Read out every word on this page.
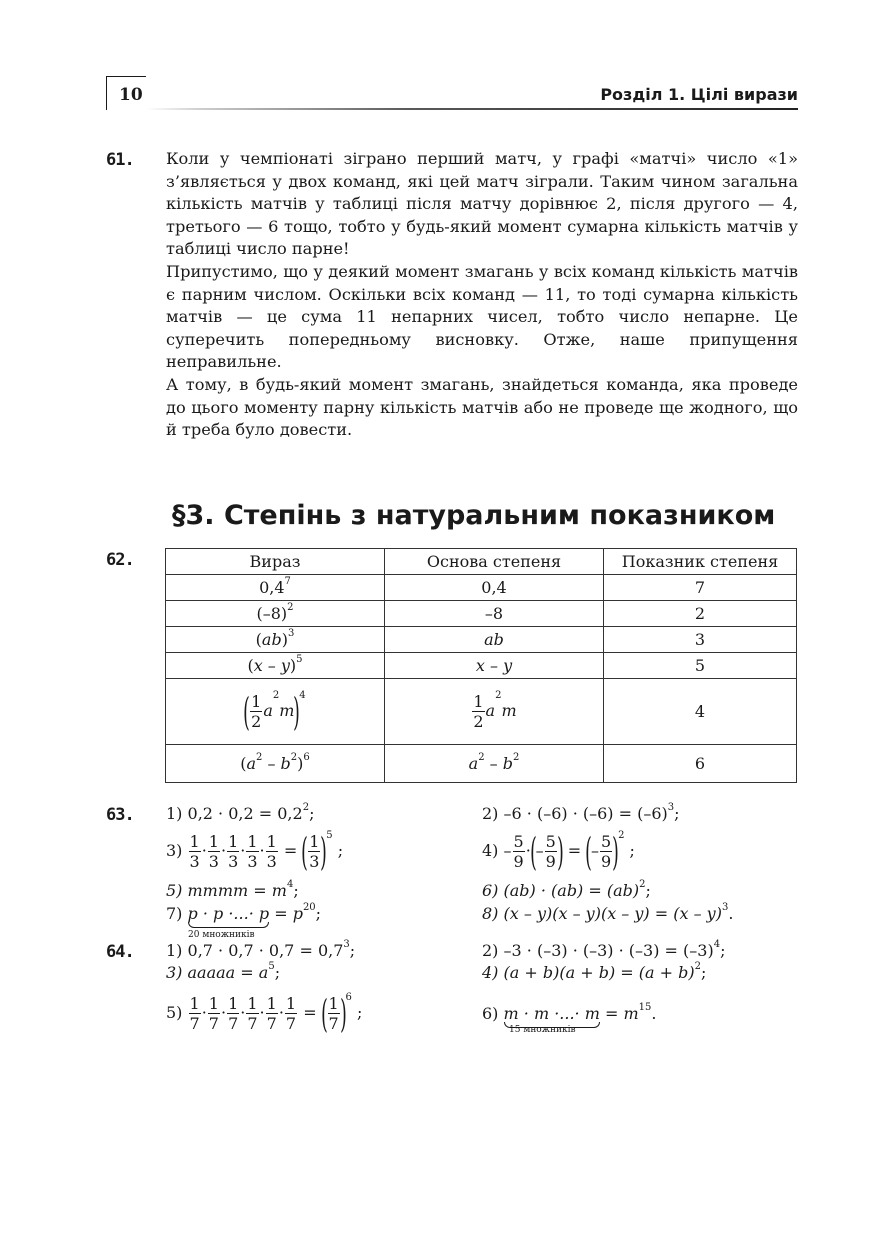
10	Розділ 1. Цілі вирази
61. Коли у чемпіонаті зіграно перший матч, у графі «матчі» число «1» з’являється у двох команд, які цей матч зіграли. Таким чином загальна кількість матчів у таблиці після матчу дорівнює 2, після другого — 4, третього — 6 тощо, тобто у будь-який момент сумарна кількість матчів у таблиці число парне!

Припустимо, що у деякий момент змагань у всіх команд кількість матчів є парним числом. Оскільки всіх команд — 11, то тоді сумарна кількість матчів — це сума 11 непарних чисел, тобто число непарне. Це суперечить попередньому висновку. Отже, наше припущення неправильне.

А тому, в будь-який момент змагань, знайдеться команда, яка проведе до цього моменту парну кількість матчів або не проведе ще жодного, що й треба було довести.

§3. Степінь з натуральним показником
62.	Вираз	Основа степеня	Показник степеня
$0,4^7$	0,4	7
$(-8)^2$	–8	2
(ab)$^3$	ab	3
(x – y)$^5$	x – y	5
( $\frac{1}{2} a^2m)^4$	$\frac{1}{2} a^2m$	4
$(a^2 - b^2)^6$	$a^2 - b^2$	6
63. 1) $0,2 \cdot 0,2 = 0,2^2$;	2) $-6 \cdot (-6) \cdot (-6) = (-6)^3$;
$3) \frac{1}{3} \cdot \frac{1}{3} \cdot \frac{1}{3} \cdot \frac{1}{3} \cdot \frac{1}{3}$ = ( $\frac{1}{3} )^5$ ;	$4) - \frac{5}{9}$ ·(– $\frac{5}{9}$ ) = (– $\frac{5}{9} )^2$ ;
5) mmmm = $m^4$;	6) (ab) · (ab) = (ab)$^2$;
7) p · p ·...· $p = p^{20}$;
20 множників
8) (x – y)(x – y)(x – y) = (x – y)$^3$.
64. 1) $0,7 \cdot 0,7 \cdot 0,7 = 0,7^3$;	2) $-3 \cdot (-3) \cdot (-3) \cdot (-3) = (-3)^4$;
3) aaaaa = $a^5$;	4) $(a + b)(a + b) = (a + b)^2$;
$5) \frac{1}{7} \cdot \frac{1}{7} \cdot \frac{1}{7} \cdot \frac{1}{7} \cdot \frac{1}{7} \cdot \frac{1}{7}$ = ( $\frac{1}{7} )^6$ ;	6) m · m ·...· $m = m^{15}$.
15 множників
